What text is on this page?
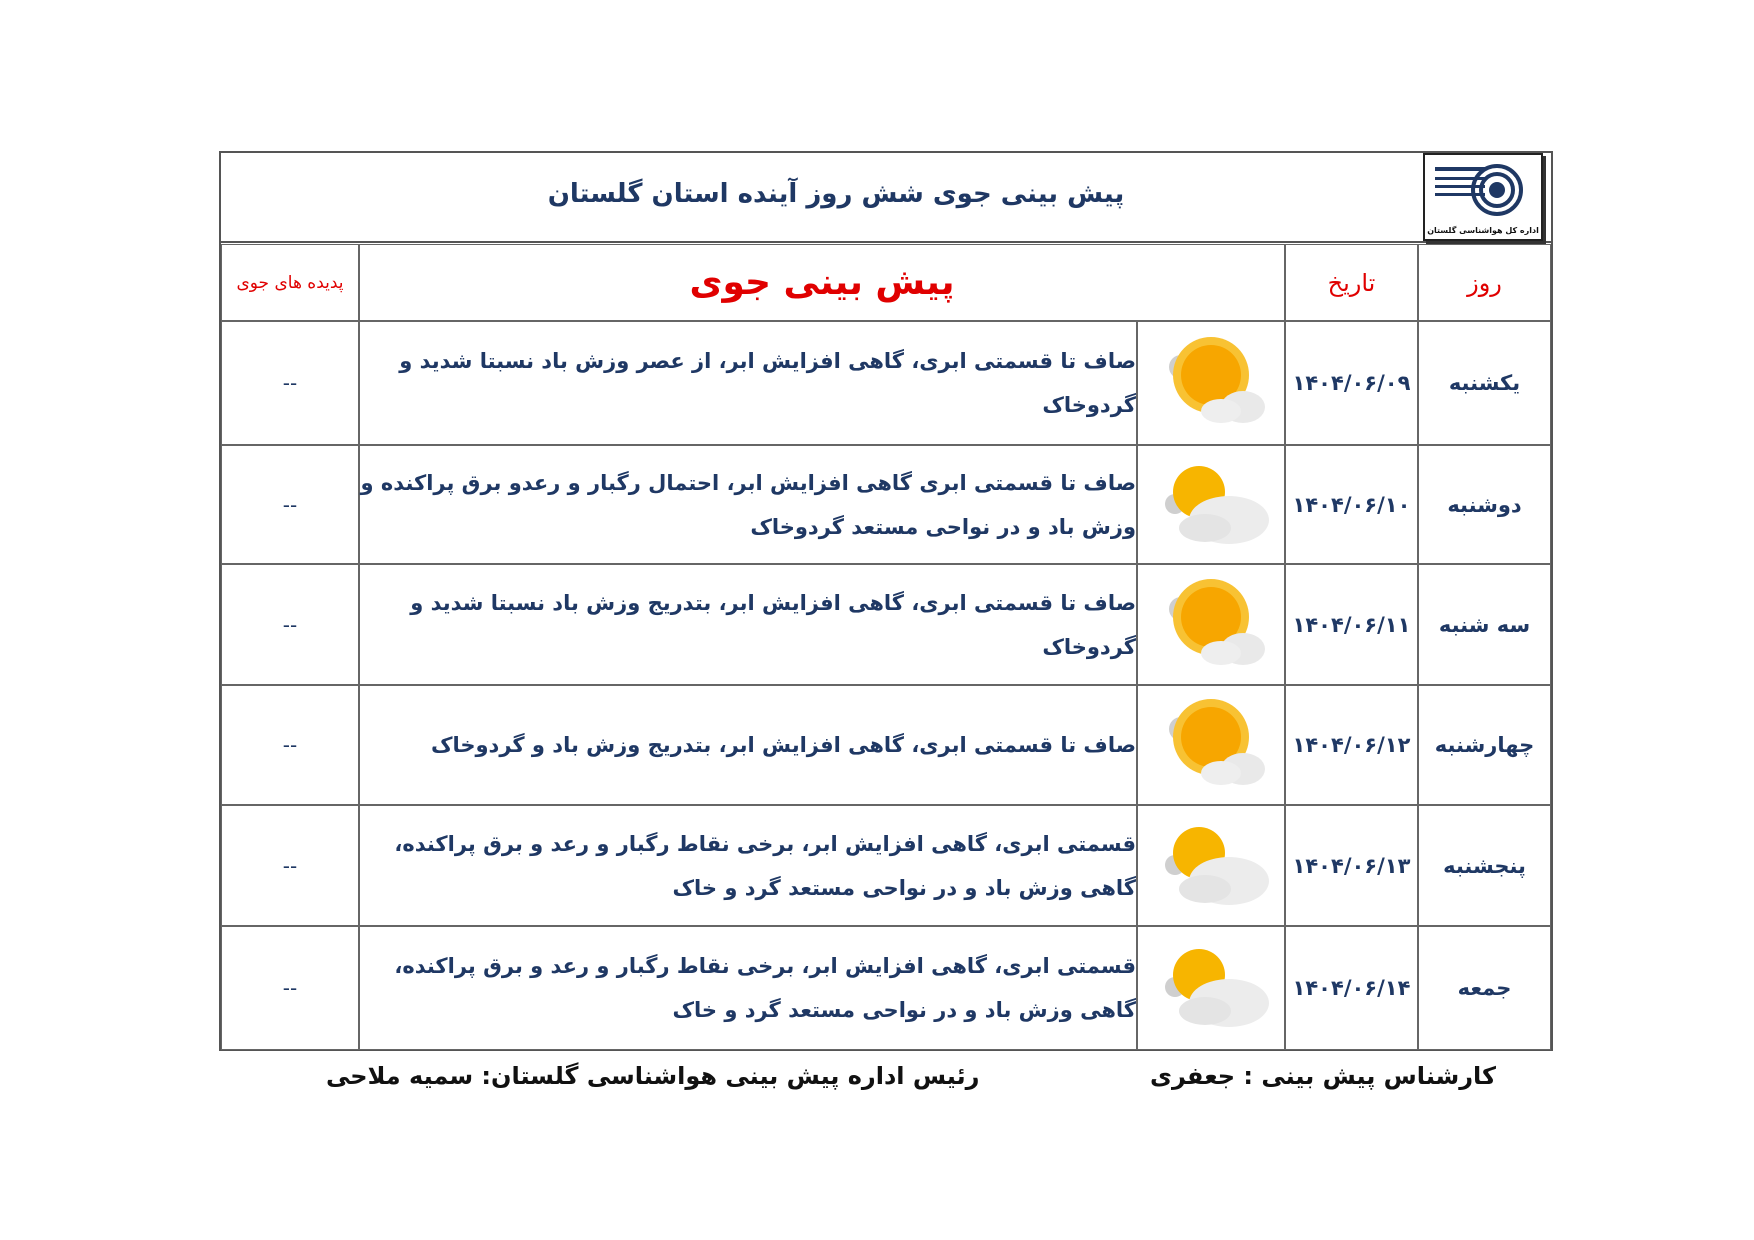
پیش بینی جوی شش روز آینده استان گلستان
اداره کل هواشناسی گلستان
روز	تاریخ	پیش بینی جوی		پدیده های جوی
یکشنبه	۱۴۰۴/۰۶/۰۹		صاف تا قسمتی ابری، گاهی افزایش ابر، از عصر وزش باد نسبتا شدید و گردوخاک	--
دوشنبه	۱۴۰۴/۰۶/۱۰		صاف تا قسمتی ابری گاهی افزایش ابر، احتمال رگبار و رعدو برق پراکنده و وزش باد و در نواحی مستعد گردوخاک	--
سه شنبه	۱۴۰۴/۰۶/۱۱		صاف تا قسمتی ابری، گاهی افزایش ابر، بتدریج وزش باد نسبتا شدید و گردوخاک	--
چهارشنبه	۱۴۰۴/۰۶/۱۲		صاف تا قسمتی ابری، گاهی افزایش ابر، بتدریج وزش باد و گردوخاک	--
پنجشنبه	۱۴۰۴/۰۶/۱۳		قسمتی ابری، گاهی افزایش ابر، برخی نقاط رگبار و رعد و برق پراکنده، گاهی وزش باد و در نواحی مستعد گرد و خاک	--
جمعه	۱۴۰۴/۰۶/۱۴		قسمتی ابری، گاهی افزایش ابر، برخی نقاط رگبار و رعد و برق پراکنده، گاهی وزش باد و در نواحی مستعد گرد و خاک	--
کارشناس پیش بینی : جعفری
رئیس اداره پیش بینی هواشناسی گلستان: سمیه ملاحی
